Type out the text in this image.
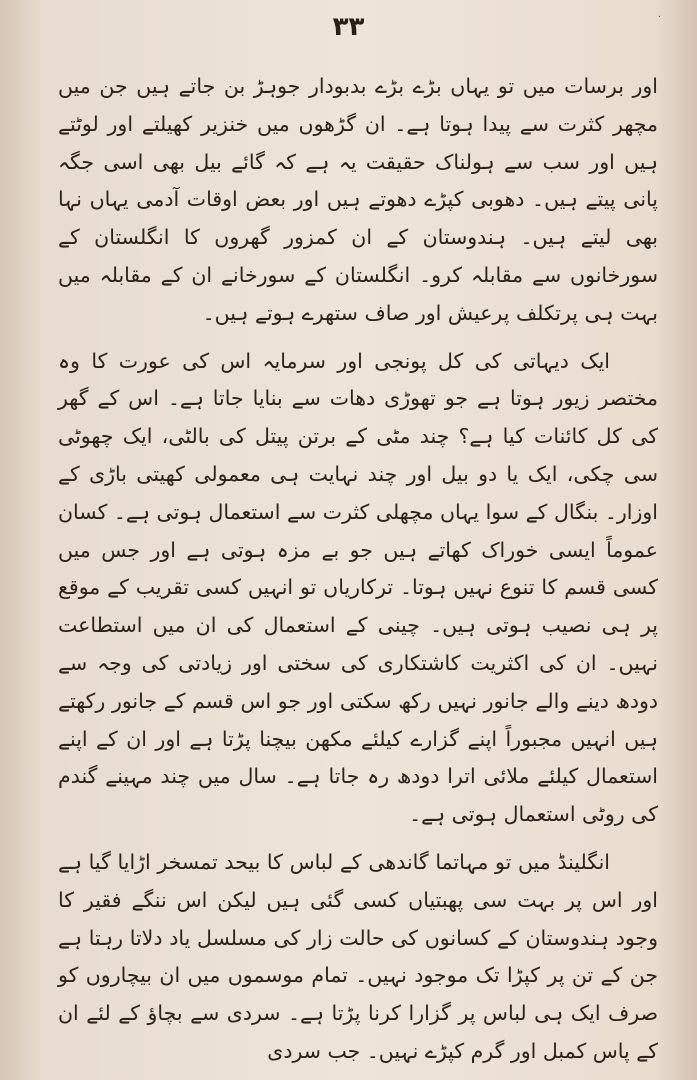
·
۳۳

اور برسات میں تو یہاں بڑے بڑے بدبودار جوہڑ بن جاتے ہیں جن میں مچھر کثرت سے پیدا ہوتا ہے۔ ان گڑھوں میں خنزیر کھیلتے اور لوٹتے ہیں اور سب سے ہولناک حقیقت یہ ہے کہ گائے بیل بھی اسی جگہ پانی پیتے ہیں۔ دھوبی کپڑے دھوتے ہیں اور بعض اوقات آدمی یہاں نہا بھی لیتے ہیں۔ ہندوستان کے ان کمزور گھروں کا انگلستان کے سورخانوں سے مقابلہ کرو۔ انگلستان کے سورخانے ان کے مقابلہ میں بہت ہی پرتکلف پرعیش اور صاف ستھرے ہوتے ہیں۔

ایک دیہاتی کی کل پونجی اور سرمایہ اس کی عورت کا وہ مختصر زیور ہوتا ہے جو تھوڑی دھات سے بنایا جاتا ہے۔ اس کے گھر کی کل کائنات کیا ہے؟ چند مٹی کے برتن پیتل کی بالٹی، ایک چھوٹی سی چکی، ایک یا دو بیل اور چند نہایت ہی معمولی کھیتی باڑی کے اوزار۔ بنگال کے سوا یہاں مچھلی کثرت سے استعمال ہوتی ہے۔ کسان عموماً ایسی خوراک کھاتے ہیں جو بے مزہ ہوتی ہے اور جس میں کسی قسم کا تنوع نہیں ہوتا۔ ترکاریاں تو انہیں کسی تقریب کے موقع پر ہی نصیب ہوتی ہیں۔ چینی کے استعمال کی ان میں استطاعت نہیں۔ ان کی اکثریت کاشتکاری کی سختی اور زیادتی کی وجہ سے دودھ دینے والے جانور نہیں رکھ سکتی اور جو اس قسم کے جانور رکھتے ہیں انہیں مجبوراً اپنے گزارے کیلئے مکھن بیچنا پڑتا ہے اور ان کے اپنے استعمال کیلئے ملائی اترا دودھ رہ جاتا ہے۔ سال میں چند مہینے گندم کی روٹی استعمال ہوتی ہے۔

انگلینڈ میں تو مہاتما گاندھی کے لباس کا بیحد تمسخر اڑایا گیا ہے اور اس پر بہت سی پھبتیاں کسی گئی ہیں لیکن اس ننگے فقیر کا وجود ہندوستان کے کسانوں کی حالت زار کی مسلسل یاد دلاتا رہتا ہے جن کے تن پر کپڑا تک موجود نہیں۔ تمام موسموں میں ان بیچاروں کو صرف ایک ہی لباس پر گزارا کرنا پڑتا ہے۔ سردی سے بچاؤ کے لئے ان کے پاس کمبل اور گرم کپڑے نہیں۔ جب سردی
